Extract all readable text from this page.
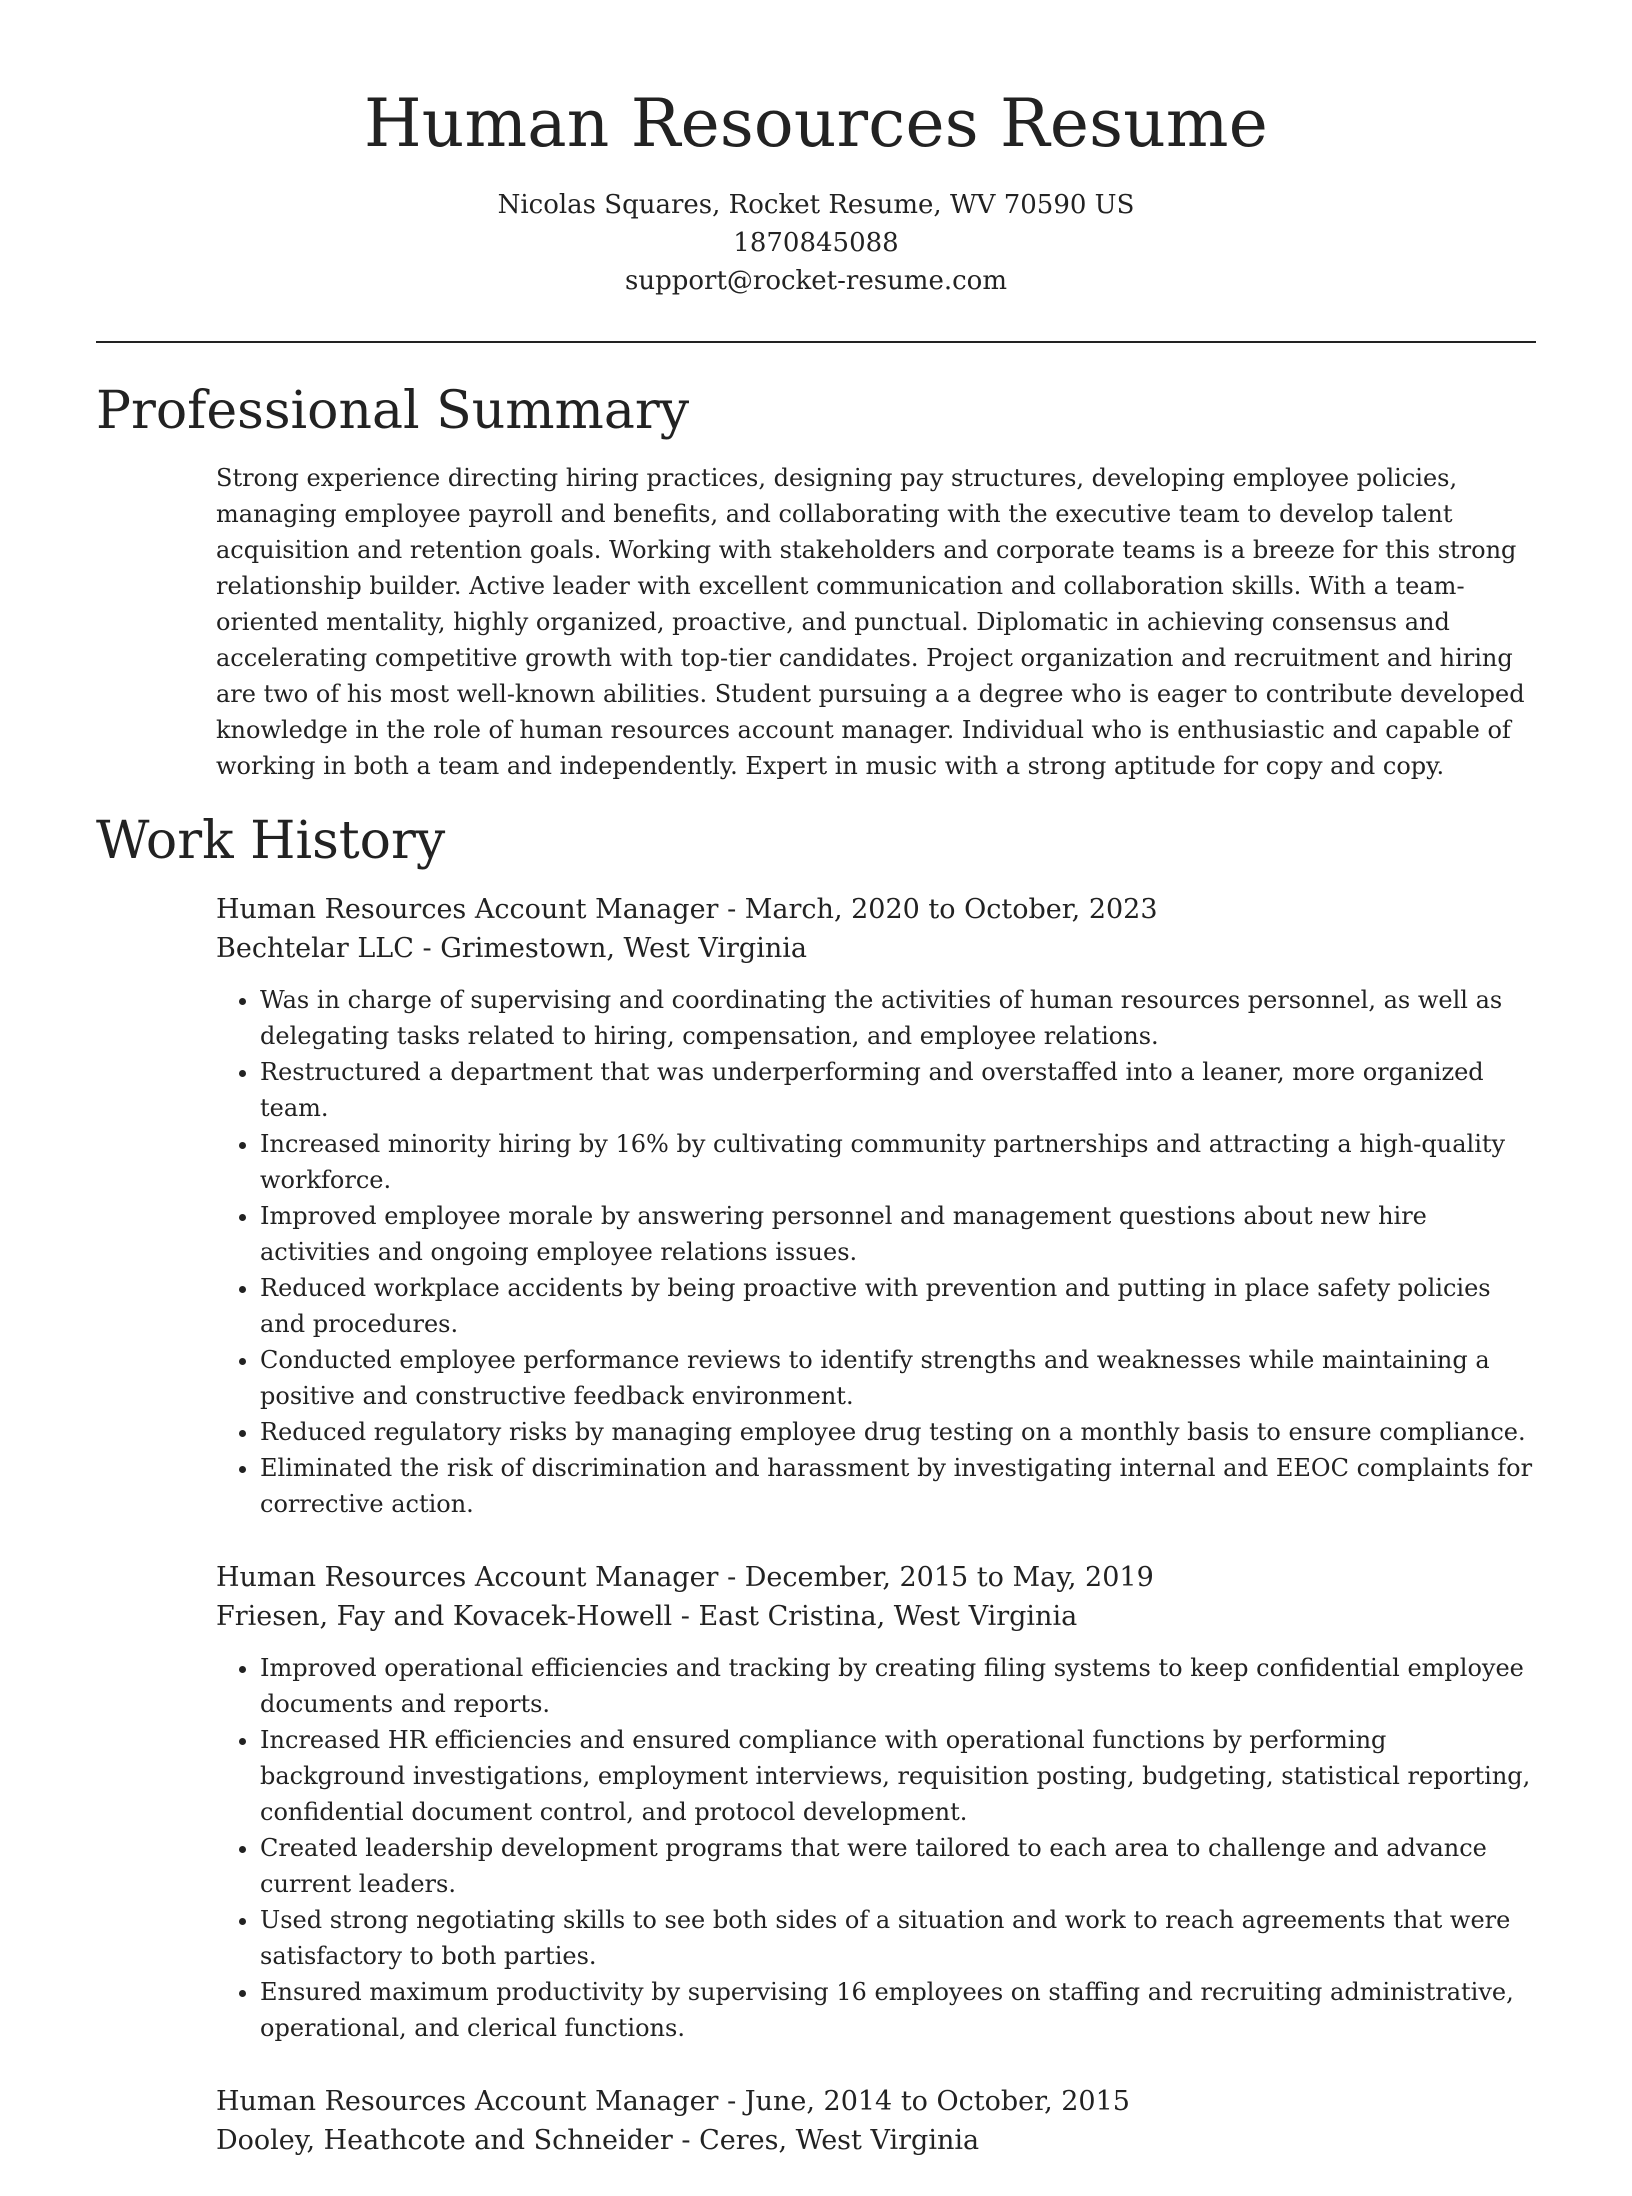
Human Resources Resume
Nicolas Squares, Rocket Resume, WV 70590 US
1870845088
support@rocket-resume.com
Professional Summary

Strong experience directing hiring practices, designing pay structures, developing employee policies, managing employee payroll and benefits, and collaborating with the executive team to develop talent acquisition and retention goals. Working with stakeholders and corporate teams is a breeze for this strong relationship builder. Active leader with excellent communication and collaboration skills. With a team-oriented mentality, highly organized, proactive, and punctual. Diplomatic in achieving consensus and accelerating competitive growth with top-tier candidates. Project organization and recruitment and hiring are two of his most well-known abilities. Student pursuing a a degree who is eager to contribute developed knowledge in the role of human resources account manager. Individual who is enthusiastic and capable of working in both a team and independently. Expert in music with a strong aptitude for copy and copy.

Work History
Human Resources Account Manager - March, 2020 to October, 2023
Bechtelar LLC - Grimestown, West Virginia
• Was in charge of supervising and coordinating the activities of human resources personnel, as well as delegating tasks related to hiring, compensation, and employee relations.
• Restructured a department that was underperforming and overstaffed into a leaner, more organized team.
• Increased minority hiring by 16% by cultivating community partnerships and attracting a high-quality workforce.
• Improved employee morale by answering personnel and management questions about new hire activities and ongoing employee relations issues.
• Reduced workplace accidents by being proactive with prevention and putting in place safety policies and procedures.
• Conducted employee performance reviews to identify strengths and weaknesses while maintaining a positive and constructive feedback environment.
• Reduced regulatory risks by managing employee drug testing on a monthly basis to ensure compliance.
• Eliminated the risk of discrimination and harassment by investigating internal and EEOC complaints for corrective action.
Human Resources Account Manager - December, 2015 to May, 2019
Friesen, Fay and Kovacek-Howell - East Cristina, West Virginia
• Improved operational efficiencies and tracking by creating filing systems to keep confidential employee documents and reports.
• Increased HR efficiencies and ensured compliance with operational functions by performing background investigations, employment interviews, requisition posting, budgeting, statistical reporting, confidential document control, and protocol development.
• Created leadership development programs that were tailored to each area to challenge and advance current leaders.
• Used strong negotiating skills to see both sides of a situation and work to reach agreements that were satisfactory to both parties.
• Ensured maximum productivity by supervising 16 employees on staffing and recruiting administrative, operational, and clerical functions.
Human Resources Account Manager - June, 2014 to October, 2015
Dooley, Heathcote and Schneider - Ceres, West Virginia
